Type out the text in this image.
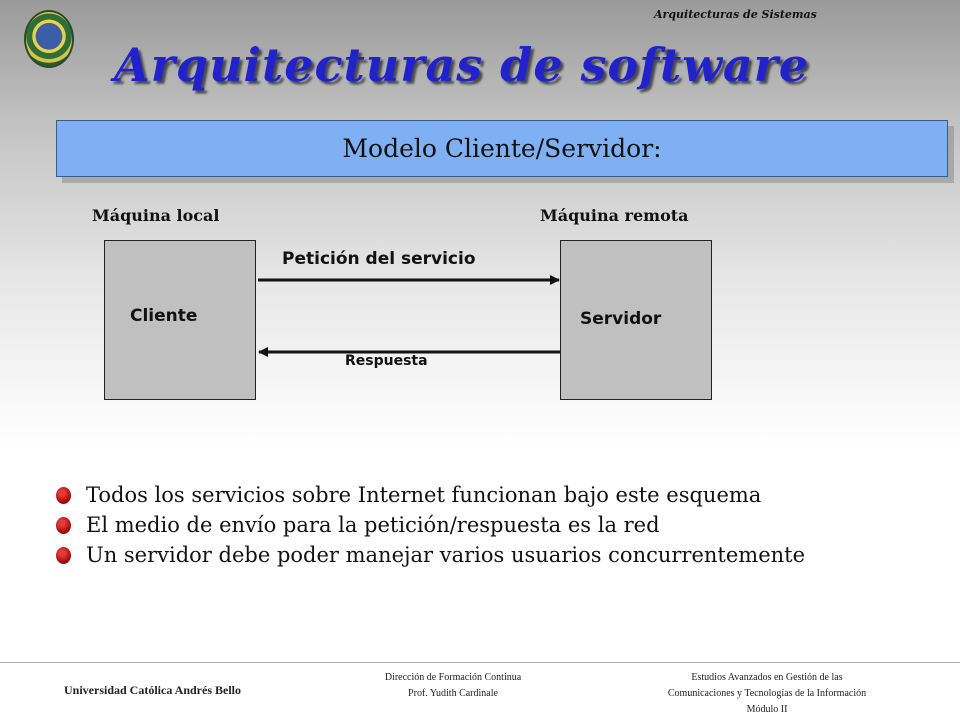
Arquitecturas de Sistemas
Arquitecturas de software
Modelo Cliente/Servidor:
Máquina local	Máquina remota
Cliente	Servidor
Petición del servicio
Respuesta
Todos los servicios sobre Internet funcionan bajo este esquema
El medio de envío para la petición/respuesta es la red
Un servidor debe poder manejar varios usuarios concurrentemente
Universidad Católica Andrés Bello
Dirección de Formación Continua
Prof. Yudith Cardinale
Estudios Avanzados en Gestión de las
Comunicaciones y Tecnologías de la Información
Módulo II
